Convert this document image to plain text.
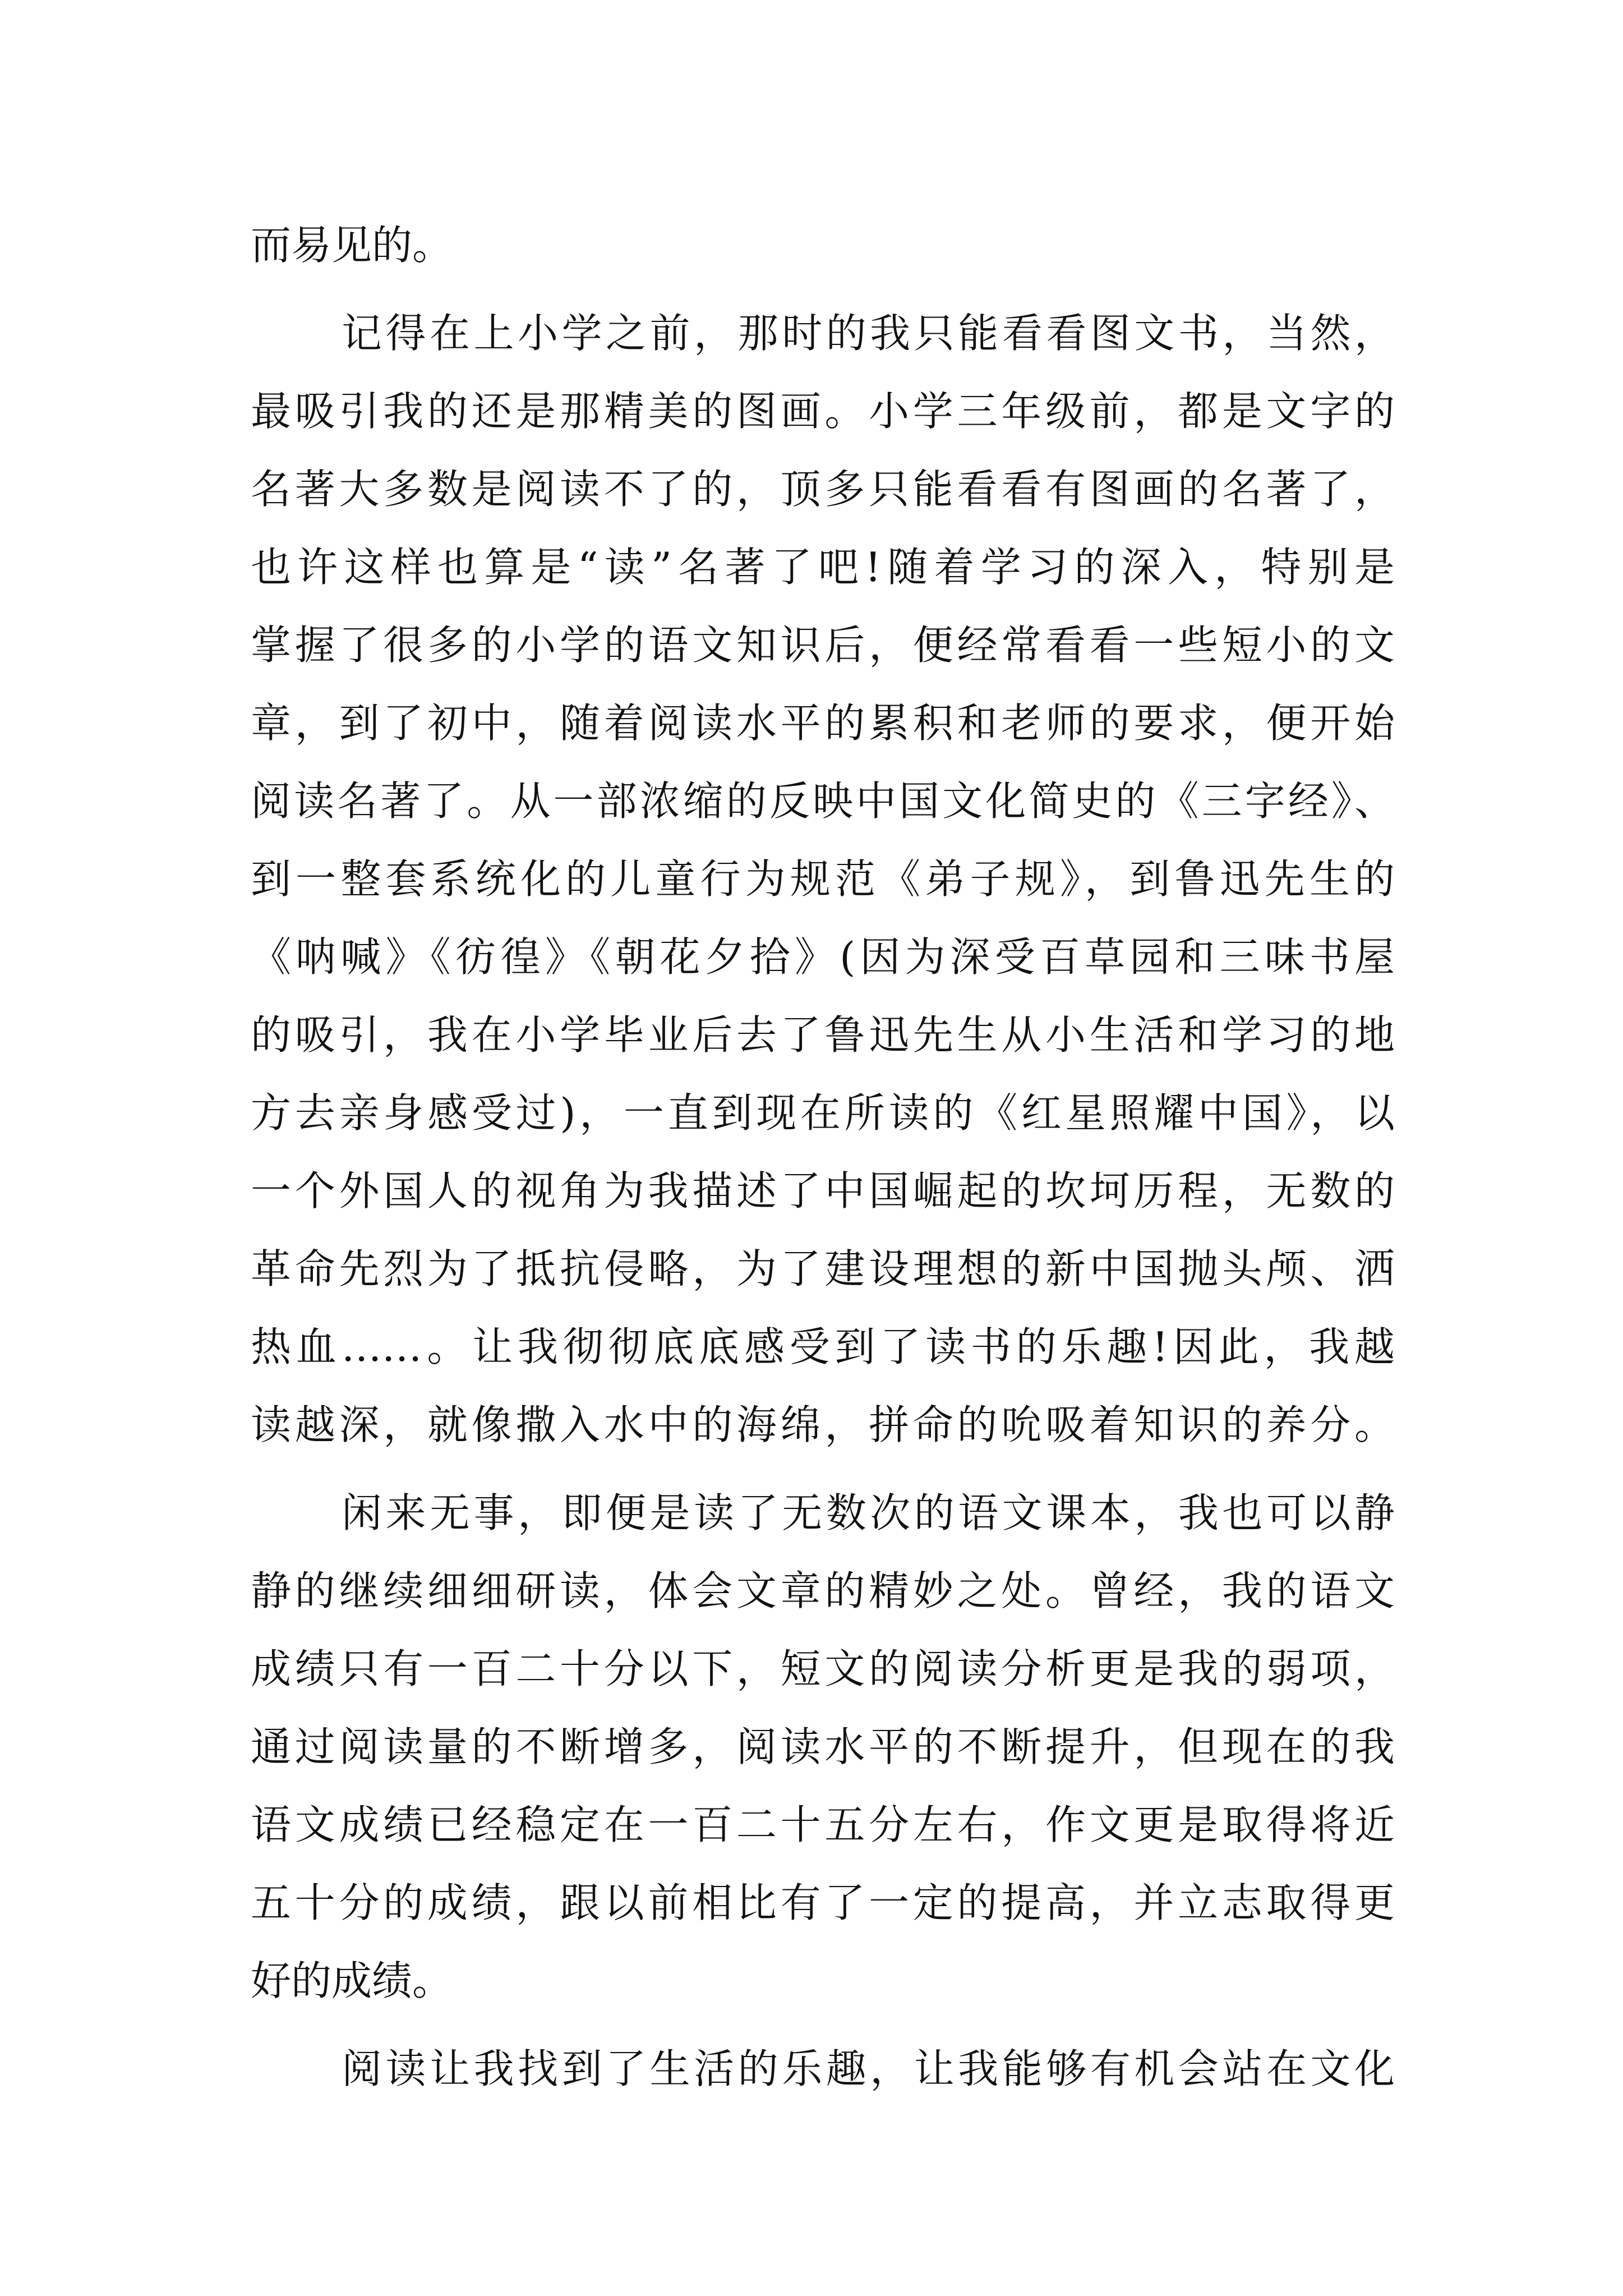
而易见的。
记得在上小学之前，那时的我只能看看图文书，当然，
最吸引我的还是那精美的图画。小学三年级前，都是文字的
名著大多数是阅读不了的，顶多只能看看有图画的名著了，
也许这样也算是“读”名著了吧!随着学习的深入，特别是
掌握了很多的小学的语文知识后，便经常看看一些短小的文
章，到了初中，随着阅读水平的累积和老师的要求，便开始
阅读名著了。从一部浓缩的反映中国文化简史的《三字经》、
到一整套系统化的儿童行为规范《弟子规》，到鲁迅先生的
《呐喊》《彷徨》《朝花夕拾》(因为深受百草园和三味书屋
的吸引，我在小学毕业后去了鲁迅先生从小生活和学习的地
方去亲身感受过)，一直到现在所读的《红星照耀中国》，以
一个外国人的视角为我描述了中国崛起的坎坷历程，无数的
革命先烈为了抵抗侵略，为了建设理想的新中国抛头颅、洒
热血……。让我彻彻底底感受到了读书的乐趣!因此，我越
读越深，就像撒入水中的海绵，拼命的吮吸着知识的养分。
闲来无事，即便是读了无数次的语文课本，我也可以静
静的继续细细研读，体会文章的精妙之处。曾经，我的语文
成绩只有一百二十分以下，短文的阅读分析更是我的弱项，
通过阅读量的不断增多，阅读水平的不断提升，但现在的我
语文成绩已经稳定在一百二十五分左右，作文更是取得将近
五十分的成绩，跟以前相比有了一定的提高，并立志取得更
好的成绩。
阅读让我找到了生活的乐趣，让我能够有机会站在文化
